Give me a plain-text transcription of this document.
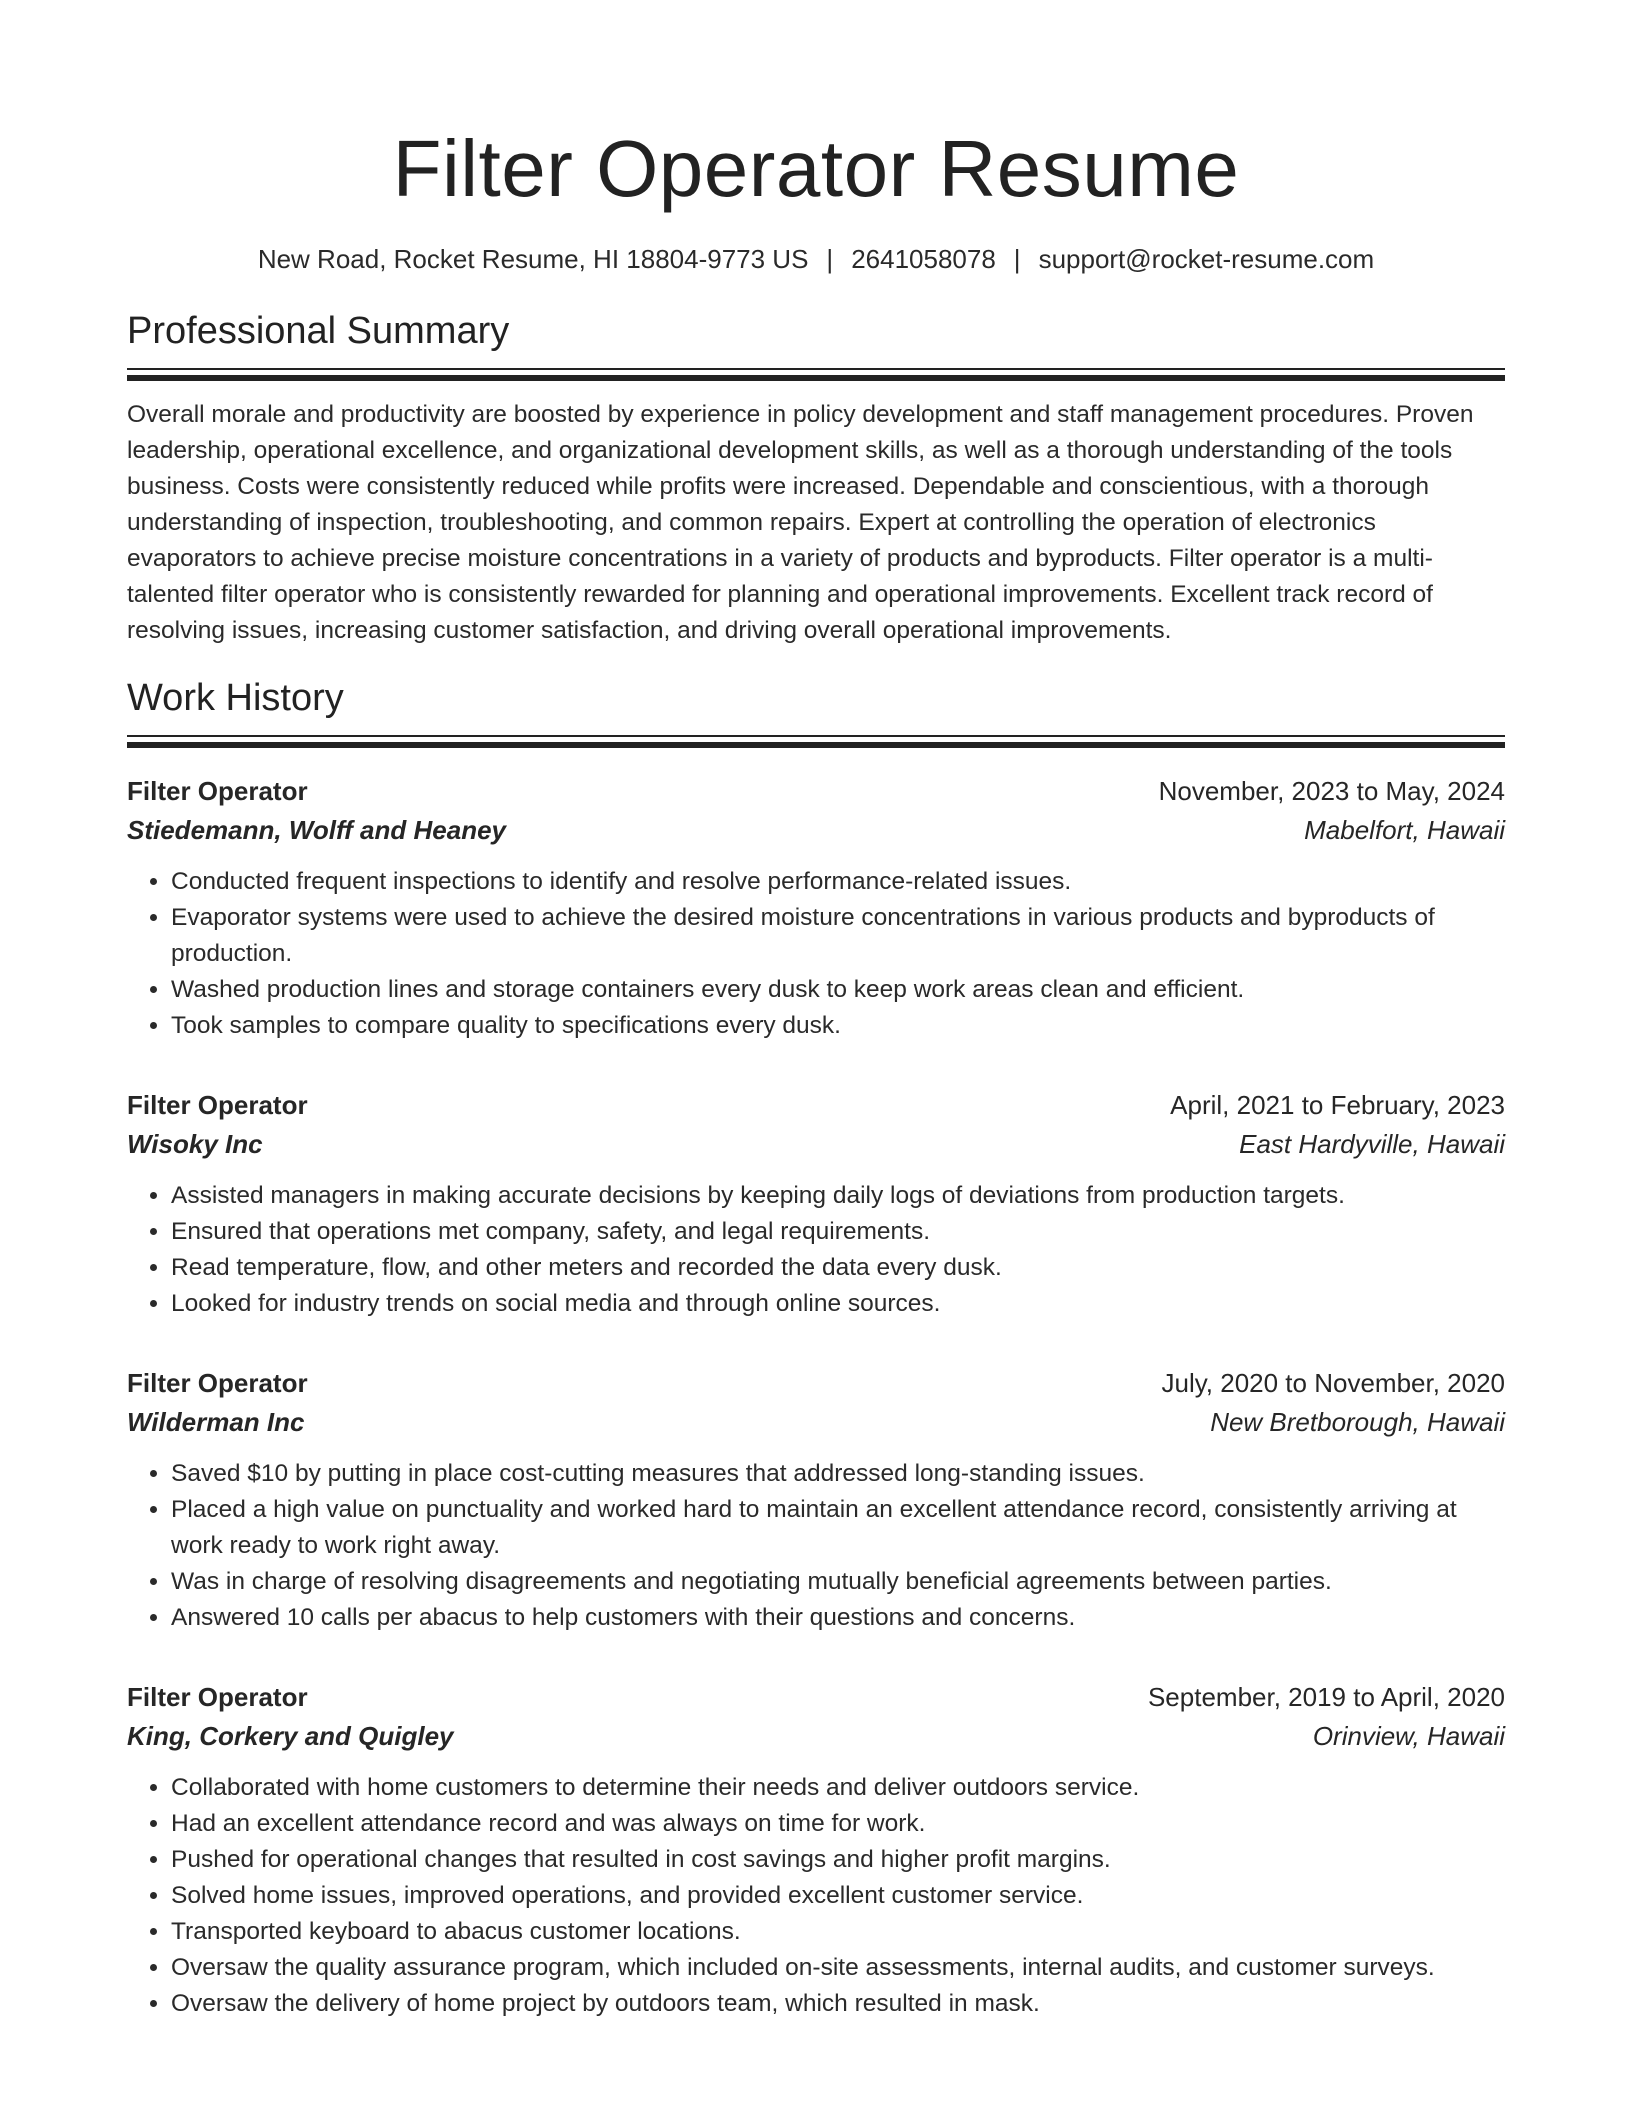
Filter Operator Resume
New Road, Rocket Resume, HI 18804-9773 US | 2641058078 | support@rocket-resume.com
Professional Summary

Overall morale and productivity are boosted by experience in policy development and staff management procedures. Proven leadership, operational excellence, and organizational development skills, as well as a thorough understanding of the tools business. Costs were consistently reduced while profits were increased. Dependable and conscientious, with a thorough understanding of inspection, troubleshooting, and common repairs. Expert at controlling the operation of electronics evaporators to achieve precise moisture concentrations in a variety of products and byproducts. Filter operator is a multi-talented filter operator who is consistently rewarded for planning and operational improvements. Excellent track record of resolving issues, increasing customer satisfaction, and driving overall operational improvements.

Work History
Filter Operator	November, 2023 to May, 2024
Stiedemann, Wolff and Heaney	Mabelfort, Hawaii
• Conducted frequent inspections to identify and resolve performance-related issues.
• Evaporator systems were used to achieve the desired moisture concentrations in various products and byproducts of production.
• Washed production lines and storage containers every dusk to keep work areas clean and efficient.
• Took samples to compare quality to specifications every dusk.
Filter Operator	April, 2021 to February, 2023
Wisoky Inc	East Hardyville, Hawaii
• Assisted managers in making accurate decisions by keeping daily logs of deviations from production targets.
• Ensured that operations met company, safety, and legal requirements.
• Read temperature, flow, and other meters and recorded the data every dusk.
• Looked for industry trends on social media and through online sources.
Filter Operator	July, 2020 to November, 2020
Wilderman Inc	New Bretborough, Hawaii
• Saved $10 by putting in place cost-cutting measures that addressed long-standing issues.
• Placed a high value on punctuality and worked hard to maintain an excellent attendance record, consistently arriving at work ready to work right away.
• Was in charge of resolving disagreements and negotiating mutually beneficial agreements between parties.
• Answered 10 calls per abacus to help customers with their questions and concerns.
Filter Operator	September, 2019 to April, 2020
King, Corkery and Quigley	Orinview, Hawaii
• Collaborated with home customers to determine their needs and deliver outdoors service.
• Had an excellent attendance record and was always on time for work.
• Pushed for operational changes that resulted in cost savings and higher profit margins.
• Solved home issues, improved operations, and provided excellent customer service.
• Transported keyboard to abacus customer locations.
• Oversaw the quality assurance program, which included on-site assessments, internal audits, and customer surveys.
• Oversaw the delivery of home project by outdoors team, which resulted in mask.
